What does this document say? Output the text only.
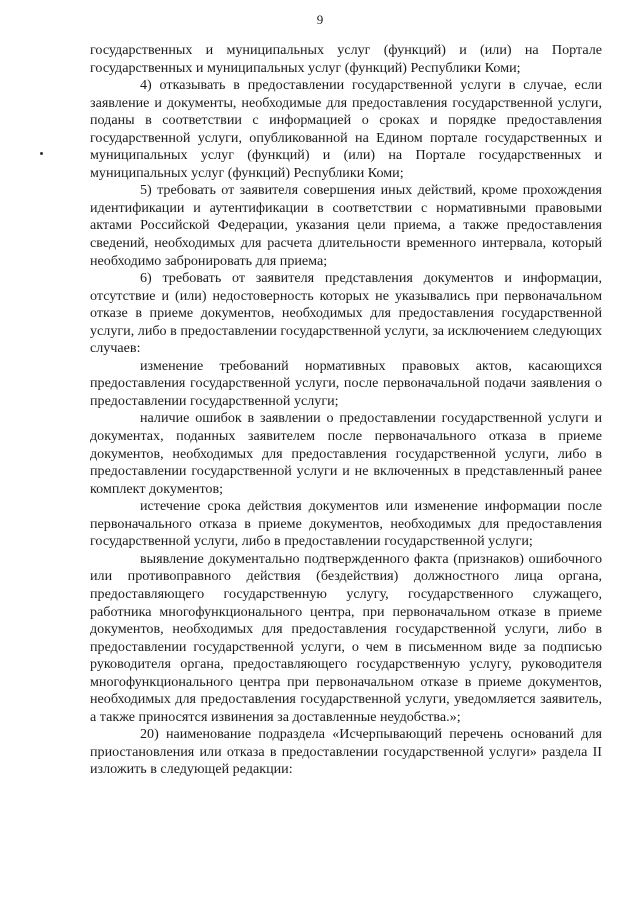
9

государственных и муниципальных услуг (функций) и (или) на Портале государственных и муниципальных услуг (функций) Республики Коми;

4) отказывать в предоставлении государственной услуги в случае, если заявление и документы, необходимые для предоставления государственной услуги, поданы в соответствии с информацией о сроках и порядке предоставления государственной услуги, опубликованной на Едином портале государственных и муниципальных услуг (функций) и (или) на Портале государственных и муниципальных услуг (функций) Республики Коми;

5) требовать от заявителя совершения иных действий, кроме прохождения идентификации и аутентификации в соответствии с нормативными правовыми актами Российской Федерации, указания цели приема, а также предоставления сведений, необходимых для расчета длительности временного интервала, который необходимо забронировать для приема;

6) требовать от заявителя представления документов и информации, отсутствие и (или) недостоверность которых не указывались при первоначальном отказе в приеме документов, необходимых для предоставления государственной услуги, либо в предоставлении государственной услуги, за исключением следующих случаев:

изменение требований нормативных правовых актов, касающихся предоставления государственной услуги, после первоначальной подачи заявления о предоставлении государственной услуги;

наличие ошибок в заявлении о предоставлении государственной услуги и документах, поданных заявителем после первоначального отказа в приеме документов, необходимых для предоставления государственной услуги, либо в предоставлении государственной услуги и не включенных в представленный ранее комплект документов;

истечение срока действия документов или изменение информации после первоначального отказа в приеме документов, необходимых для предоставления государственной услуги, либо в предоставлении государственной услуги;

выявление документально подтвержденного факта (признаков) ошибочного или противоправного действия (бездействия) должностного лица органа, предоставляющего государственную услугу, государственного служащего, работника многофункционального центра, при первоначальном отказе в приеме документов, необходимых для предоставления государственной услуги, либо в предоставлении государственной услуги, о чем в письменном виде за подписью руководителя органа, предоставляющего государственную услугу, руководителя многофункционального центра при первоначальном отказе в приеме документов, необходимых для предоставления государственной услуги, уведомляется заявитель, а также приносятся извинения за доставленные неудобства.»;

20) наименование подраздела «Исчерпывающий перечень оснований для приостановления или отказа в предоставлении государственной услуги» раздела II изложить в следующей редакции:
